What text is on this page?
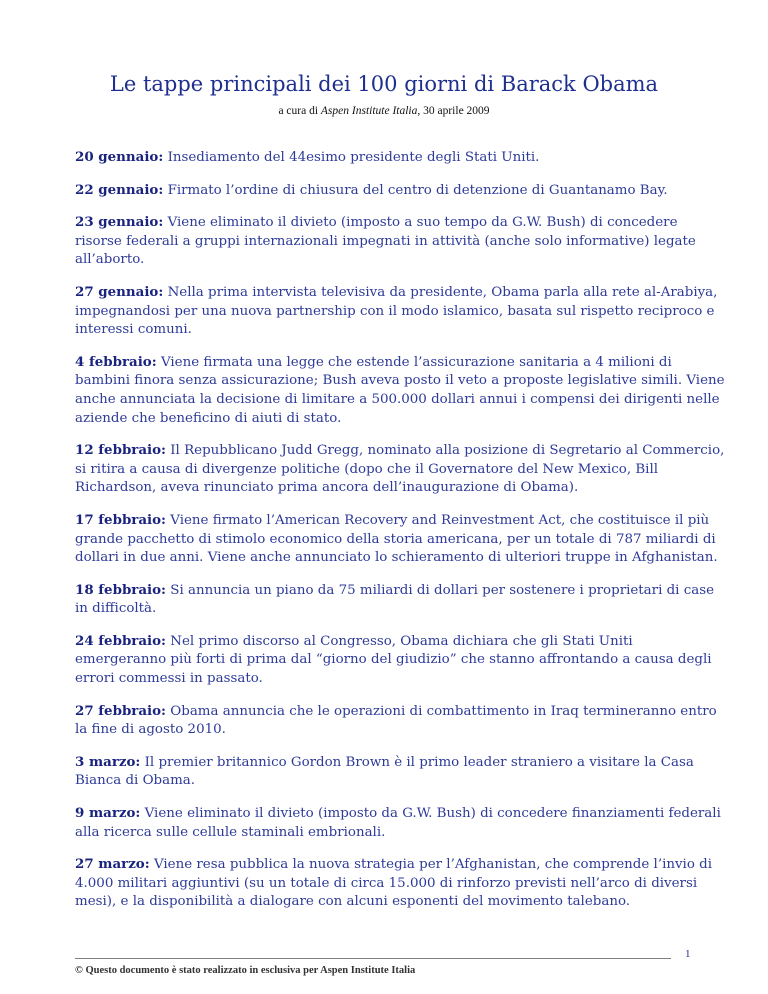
Le tappe principali dei 100 giorni di Barack Obama
a cura di Aspen Institute Italia, 30 aprile 2009

20 gennaio: Insediamento del 44esimo presidente degli Stati Uniti.

22 gennaio: Firmato l’ordine di chiusura del centro di detenzione di Guantanamo Bay.

23 gennaio: Viene eliminato il divieto (imposto a suo tempo da G.W. Bush) di concedere risorse federali a gruppi internazionali impegnati in attività (anche solo informative) legate all’aborto.

27 gennaio: Nella prima intervista televisiva da presidente, Obama parla alla rete al-Arabiya, impegnandosi per una nuova partnership con il modo islamico, basata sul rispetto reciproco e interessi comuni.

4 febbraio: Viene firmata una legge che estende l’assicurazione sanitaria a 4 milioni di bambini finora senza assicurazione; Bush aveva posto il veto a proposte legislative simili. Viene anche annunciata la decisione di limitare a 500.000 dollari annui i compensi dei dirigenti nelle aziende che beneficino di aiuti di stato.

12 febbraio: Il Repubblicano Judd Gregg, nominato alla posizione di Segretario al Commercio, si ritira a causa di divergenze politiche (dopo che il Governatore del New Mexico, Bill Richardson, aveva rinunciato prima ancora dell’inaugurazione di Obama).

17 febbraio: Viene firmato l’American Recovery and Reinvestment Act, che costituisce il più grande pacchetto di stimolo economico della storia americana, per un totale di 787 miliardi di dollari in due anni. Viene anche annunciato lo schieramento di ulteriori truppe in Afghanistan.

18 febbraio: Si annuncia un piano da 75 miliardi di dollari per sostenere i proprietari di case in difficoltà.

24 febbraio: Nel primo discorso al Congresso, Obama dichiara che gli Stati Uniti emergeranno più forti di prima dal “giorno del giudizio” che stanno affrontando a causa degli errori commessi in passato.

27 febbraio: Obama annuncia che le operazioni di combattimento in Iraq termineranno entro la fine di agosto 2010.

3 marzo: Il premier britannico Gordon Brown è il primo leader straniero a visitare la Casa Bianca di Obama.

9 marzo: Viene eliminato il divieto (imposto da G.W. Bush) di concedere finanziamenti federali alla ricerca sulle cellule staminali embrionali.

27 marzo: Viene resa pubblica la nuova strategia per l’Afghanistan, che comprende l’invio di 4.000 militari aggiuntivi (su un totale di circa 15.000 di rinforzo previsti nell’arco di diversi mesi), e la disponibilità a dialogare con alcuni esponenti del movimento talebano.

© Questo documento è stato realizzato in esclusiva per Aspen Institute Italia
1
